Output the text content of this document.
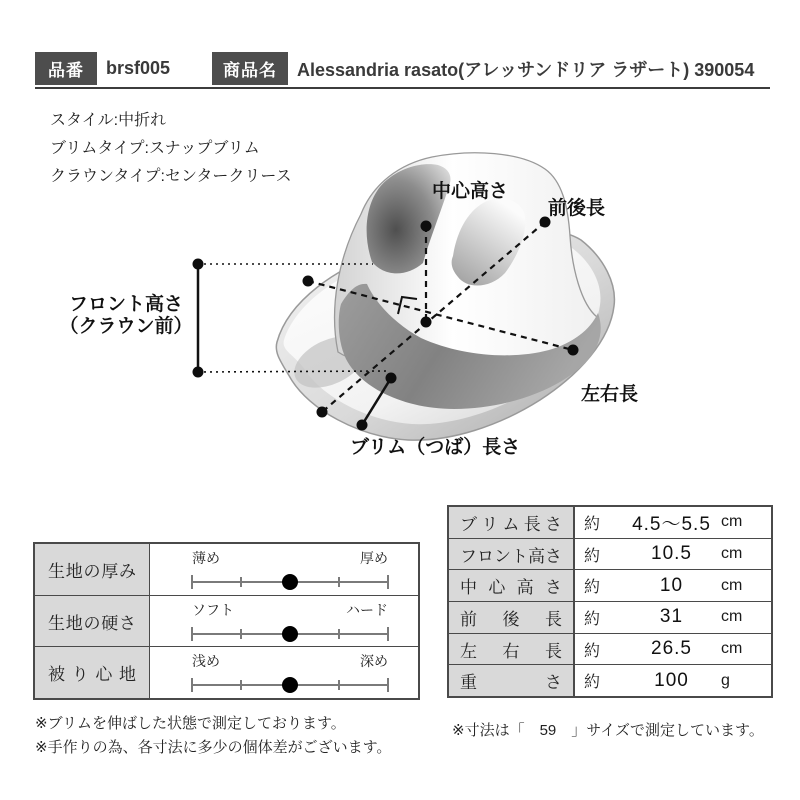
品番	brsf005	商品名	Alessandria rasato(アレッサンドリア ラザート) 390054
スタイル:中折れ
ブリムタイプ:スナップブリム
クラウンタイプ:センタークリース
中心高さ
前後長
左右長
ブリム（つば）長さ
フロント高さ
（クラウン前）
生 地 の 厚 み
薄め	厚め
生 地 の 硬 さ
ソフト	ハード
被 り 心 地
浅め	深め
ブ リ ム 長 さ	約	4.5～5.5 cm
フ ロ ン ト 高 さ	約	10.5	cm
中 心 高 さ	約	10	cm
前 後 長	約	31	cm
左 右 長	約	26.5	cm
重	さ	約	100	g
※ブリムを伸ばした状態で測定しております。
※手作りの為、各寸法に多少の個体差がございます。
※寸法は「　59　」サイズで測定しています。
